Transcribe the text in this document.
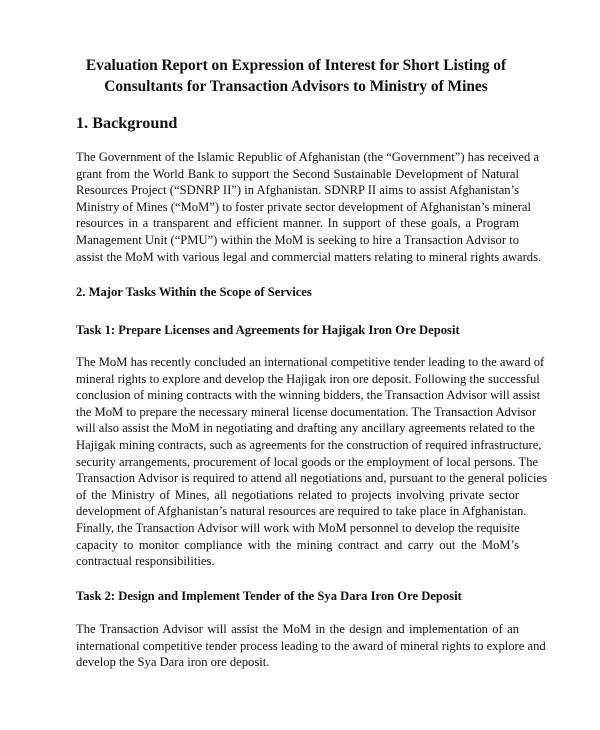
Evaluation Report on Expression of Interest for Short Listing of
Consultants for Transaction Advisors to Ministry of Mines
1. Background
The Government of the Islamic Republic of Afghanistan (the “Government”) has received a
grant from the World Bank to support the Second Sustainable Development of Natural
Resources Project (“SDNRP II”) in Afghanistan. SDNRP II aims to assist Afghanistan’s
Ministry of Mines (“MoM”) to foster private sector development of Afghanistan’s mineral
resources in a transparent and efficient manner. In support of these goals, a Program
Management Unit (“PMU”) within the MoM is seeking to hire a Transaction Advisor to
assist the MoM with various legal and commercial matters relating to mineral rights awards.
2. Major Tasks Within the Scope of Services
Task 1: Prepare Licenses and Agreements for Hajigak Iron Ore Deposit
The MoM has recently concluded an international competitive tender leading to the award of
mineral rights to explore and develop the Hajigak iron ore deposit. Following the successful
conclusion of mining contracts with the winning bidders, the Transaction Advisor will assist
the MoM to prepare the necessary mineral license documentation. The Transaction Advisor
will also assist the MoM in negotiating and drafting any ancillary agreements related to the
Hajigak mining contracts, such as agreements for the construction of required infrastructure,
security arrangements, procurement of local goods or the employment of local persons. The
Transaction Advisor is required to attend all negotiations and, pursuant to the general policies
of the Ministry of Mines, all negotiations related to projects involving private sector
development of Afghanistan’s natural resources are required to take place in Afghanistan.
Finally, the Transaction Advisor will work with MoM personnel to develop the requisite
capacity to monitor compliance with the mining contract and carry out the MoM’s
contractual responsibilities.
Task 2: Design and Implement Tender of the Sya Dara Iron Ore Deposit
The Transaction Advisor will assist the MoM in the design and implementation of an
international competitive tender process leading to the award of mineral rights to explore and
develop the Sya Dara iron ore deposit.
